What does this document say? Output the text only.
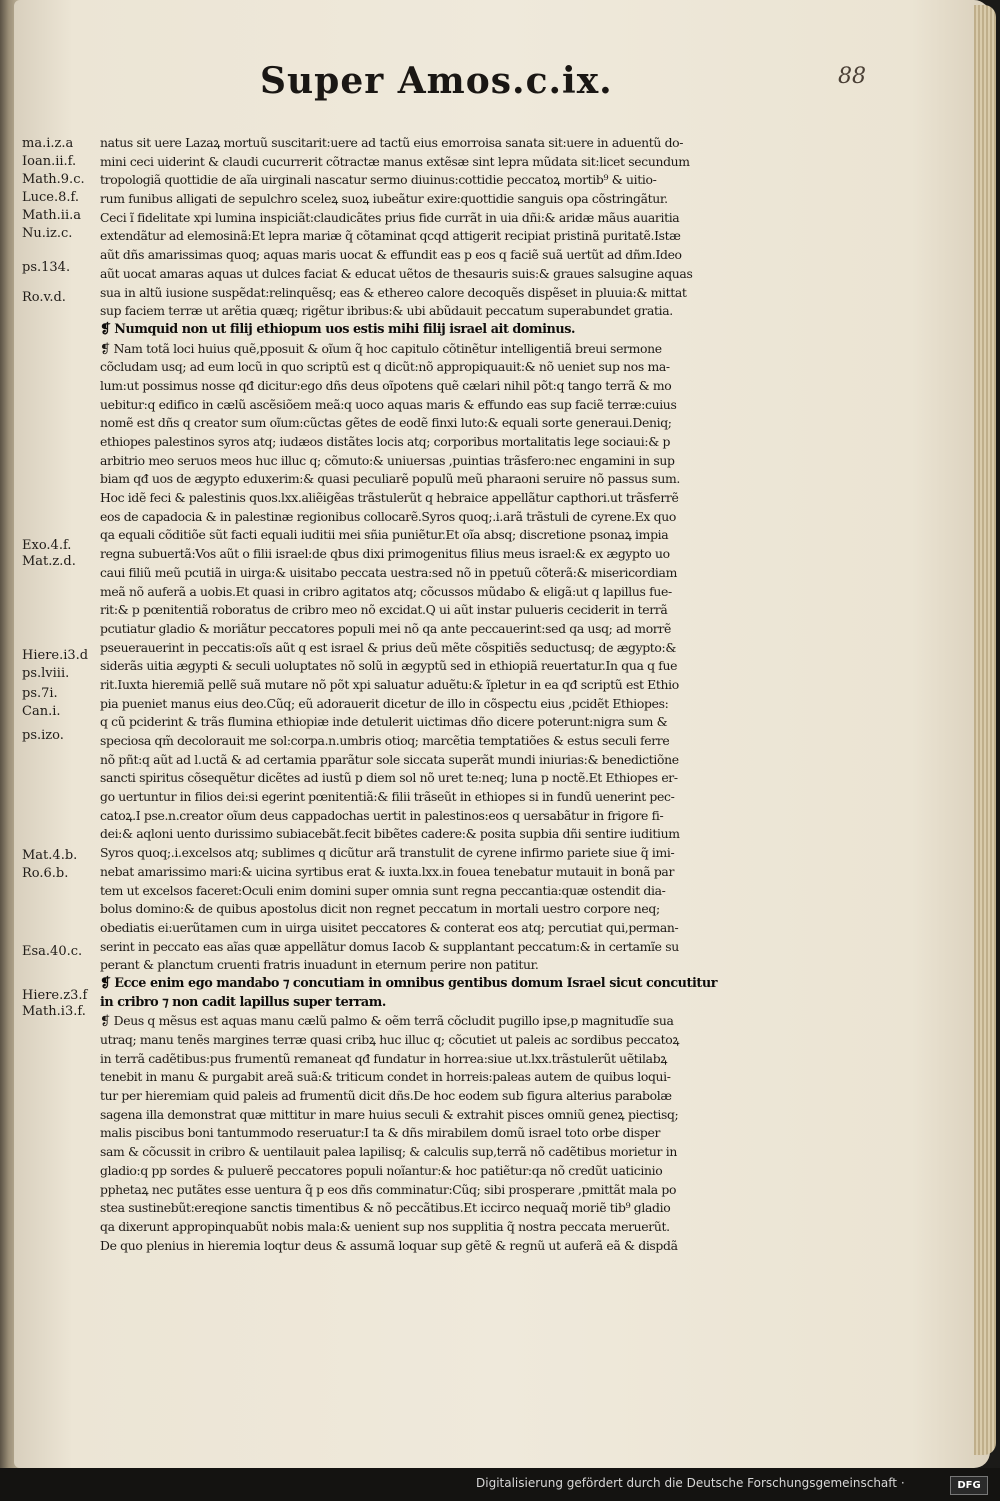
Super Amos.c.ix.	88
ma.i.z.a
Ioan.ii.f.
Math.9.c.
Luce.8.f.
Math.ii.a
Nu.iz.c.
ps.134.
Ro.v.d.
Exo.4.f.
Mat.z.d.
Hiere.i3.d
ps.lviii.
ps.7i.
Can.i.
ps.izo.
Mat.4.b.
Ro.6.b.
Esa.40.c.
Hiere.z3.f
Math.i3.f.
natus sit uere Lazaꝝ mortuũ suscitarit:uere ad tactũ eius emorroisa sanata sit:uere in aduentũ do-
mini ceci uiderint & claudi cucurrerit cõtractæ manus extẽsæ sint lepra mũdata sit:licet secundum
tropologiã quottidie de aĩa uirginali nascatur sermo diuinus:cottidie peccatoꝝ mortib⁹ & uitio-
rum funibus alligati de sepulchro sceleꝝ suoꝝ iubeãtur exire:quottidie sanguis opa cõstringãtur.
Ceci ĩ fidelitate xpi lumina inspiciãt:claudicãtes prius fide currãt in uia dñi:& aridæ mãus auaritia
extendãtur ad elemosinã:Et lepra mariæ q̃ cõtaminat qcqd attigerit recipiat pristinã puritatẽ.Istæ
aũt dñs amarissimas quoq; aquas maris uocat & effundit eas p eos q faciẽ suã uertũt ad dñm.Ideo
aũt uocat amaras aquas ut dulces faciat & educat uẽtos de thesauris suis:& graues salsugine aquas
sua in altũ iusione suspẽdat:relinquẽsq; eas & ethereo calore decoquẽs dispẽset in pluuia:& mittat
sup faciem terræ ut arẽtia quæq; rigẽtur ibribus:& ubi abũdauit peccatum superabundet gratia.
❡ Numquid non ut filij ethiopum uos estis mihi filij israel ait dominus.
❡ Nam totã loci huius quẽ,pposuit & oĩum q̃ hoc capitulo cõtinẽtur intelligentiã breui sermone
cõcludam usq; ad eum locũ in quo scriptũ est q dicũt:nõ appropiquauit:& nõ ueniet sup nos ma-
lum:ut possimus nosse qđ dicitur:ego dñs deus oĩpotens quẽ cælari nihil põt:q tango terrã & mo
uebitur:q edifico in cælũ ascẽsiõem meã:q uoco aquas maris & effundo eas sup faciẽ terræ:cuius
nomẽ est dñs q creator sum oĩum:cũctas gẽtes de eodẽ finxi luto:& equali sorte generaui.Deniq;
ethiopes palestinos syros atq; iudæos distãtes locis atq; corporibus mortalitatis lege sociaui:& p
arbitrio meo seruos meos huc illuc q; cõmuto:& uniuersas ,puintias trãsfero:nec engamini in sup
biam qđ uos de ægypto eduxerim:& quasi peculiarẽ populũ meũ pharaoni seruire nõ passus sum.
Hoc idẽ feci & palestinis quos.lxx.aliẽigẽas trãstulerũt q hebraice appellãtur capthori.ut trãsferrẽ
eos de capadocia & in palestinæ regionibus collocarẽ.Syros quoq;.i.arã trãstuli de cyrene.Ex quo
qa equali cõditiõe sũt facti equali iuditii mei sñia puniẽtur.Et oĩa absq; discretione psonaꝝ impia
regna subuertã:Vos aũt o filii israel:de qbus dixi primogenitus filius meus israel:& ex ægypto uo
caui filiũ meũ pcutiã in uirga:& uisitabo peccata uestra:sed nõ in ppetuũ cõterã:& misericordiam
meã nõ auferã a uobis.Et quasi in cribro agitatos atq; cõcussos mũdabo & eligã:ut q lapillus fue-
rit:& p pœnitentiã roboratus de cribro meo nõ excidat.Q ui aũt instar pulueris ceciderit in terrã
pcutiatur gladio & moriãtur peccatores populi mei nõ qa ante peccauerint:sed qa usq; ad morrẽ
pseuerauerint in peccatis:oĩs aũt q est israel & prius deũ mẽte cõspitiẽs seductusq; de ægypto:&
siderãs uitia ægypti & seculi uoluptates nõ solũ in ægyptũ sed in ethiopiã reuertatur.In qua q fue
rit.Iuxta hieremiã pellẽ suã mutare nõ põt xpi saluatur aduẽtu:& ĩpletur in ea qđ scriptũ est Ethio
pia pueniet manus eius deo.Cũq; eũ adorauerit dicetur de illo in cõspectu eius ,pcidẽt Ethiopes:
q cũ pciderint & trãs flumina ethiopiæ inde detulerit uictimas dño dicere poterunt:nigra sum &
speciosa qm̃ decolorauit me sol:corpa.n.umbris otioq; marcẽtia temptatiões & estus seculi ferre
nõ pñt:q aũt ad l.uctã & ad certamia pparãtur sole siccata superãt mundi iniurias:& benedictiõne
sancti spiritus cõsequẽtur dicẽtes ad iustũ p diem sol nõ uret te:neq; luna p noctẽ.Et Ethiopes er-
go uertuntur in filios dei:si egerint pœnitentiã:& filii trãseũt in ethiopes si in fundũ uenerint pec-
catoꝝ.I pse.n.creator oĩum deus cappadochas uertit in palestinos:eos q uersabãtur in frigore fi-
dei:& aqloni uento durissimo subiacebãt.fecit bibẽtes cadere:& posita supbia dñi sentire iuditium
Syros quoq;.i.excelsos atq; sublimes q dicũtur arã transtulit de cyrene infirmo pariete siue q̃ imi-
nebat amarissimo mari:& uicina syrtibus erat & iuxta.lxx.in fouea tenebatur mutauit in bonã par
tem ut excelsos faceret:Oculi enim domini super omnia sunt regna peccantia:quæ ostendit dia-
bolus domino:& de quibus apostolus dicit non regnet peccatum in mortali uestro corpore neq;
obediatis ei:uerũtamen cum in uirga uisitet peccatores & conterat eos atq; percutiat qui,perman-
serint in peccato eas aĩas quæ appellãtur domus Iacob & supplantant peccatum:& in certamĩe su
perant & planctum cruenti fratris inuadunt in eternum perire non patitur.
❡ Ecce enim ego mandabo ⁊ concutiam in omnibus gentibus domum Israel sicut concutitur
in cribro ⁊ non cadit lapillus super terram.
❡ Deus q mẽsus est aquas manu cælũ palmo & oẽm terrã cõcludit pugillo ipse,p magnitudĩe sua
utraq; manu tenẽs margines terræ quasi cribꝝ huc illuc q; cõcutiet ut paleis ac sordibus peccatoꝝ
in terrã cadẽtibus:pus frumentũ remaneat qđ fundatur in horrea:siue ut.lxx.trãstulerũt uẽtilabꝝ
tenebit in manu & purgabit areã suã:& triticum condet in horreis:paleas autem de quibus loqui-
tur per hieremiam quid paleis ad frumentũ dicit dñs.De hoc eodem sub figura alterius parabolæ
sagena illa demonstrat quæ mittitur in mare huius seculi & extrahit pisces omniũ geneꝝ piectisq;
malis piscibus boni tantummodo reseruatur:I ta & dñs mirabilem domũ israel toto orbe disper
sam & cõcussit in cribro & uentilauit palea lapilisq; & calculis sup,terrã nõ cadẽtibus morietur in
gladio:q pp sordes & puluerẽ peccatores populi noĩantur:& hoc patiẽtur:qa nõ credũt uaticinio
pphetaꝝ nec putãtes esse uentura q̃ p eos dñs comminatur:Cũq; sibi prosperare ,pmittãt mala po
stea sustinebũt:ereqione sanctis timentibus & nõ peccãtibus.Et iccirco nequaq̃ moriẽ tib⁹ gladio
qa dixerunt appropinquabũt nobis mala:& uenient sup nos supplitia q̃ nostra peccata meruerũt.
De quo plenius in hieremia loqtur deus & assumã loquar sup gẽtẽ & regnũ ut auferã eã & dispdã
Digitalisierung gefördert durch die Deutsche Forschungsgemeinschaft ·	DFG
